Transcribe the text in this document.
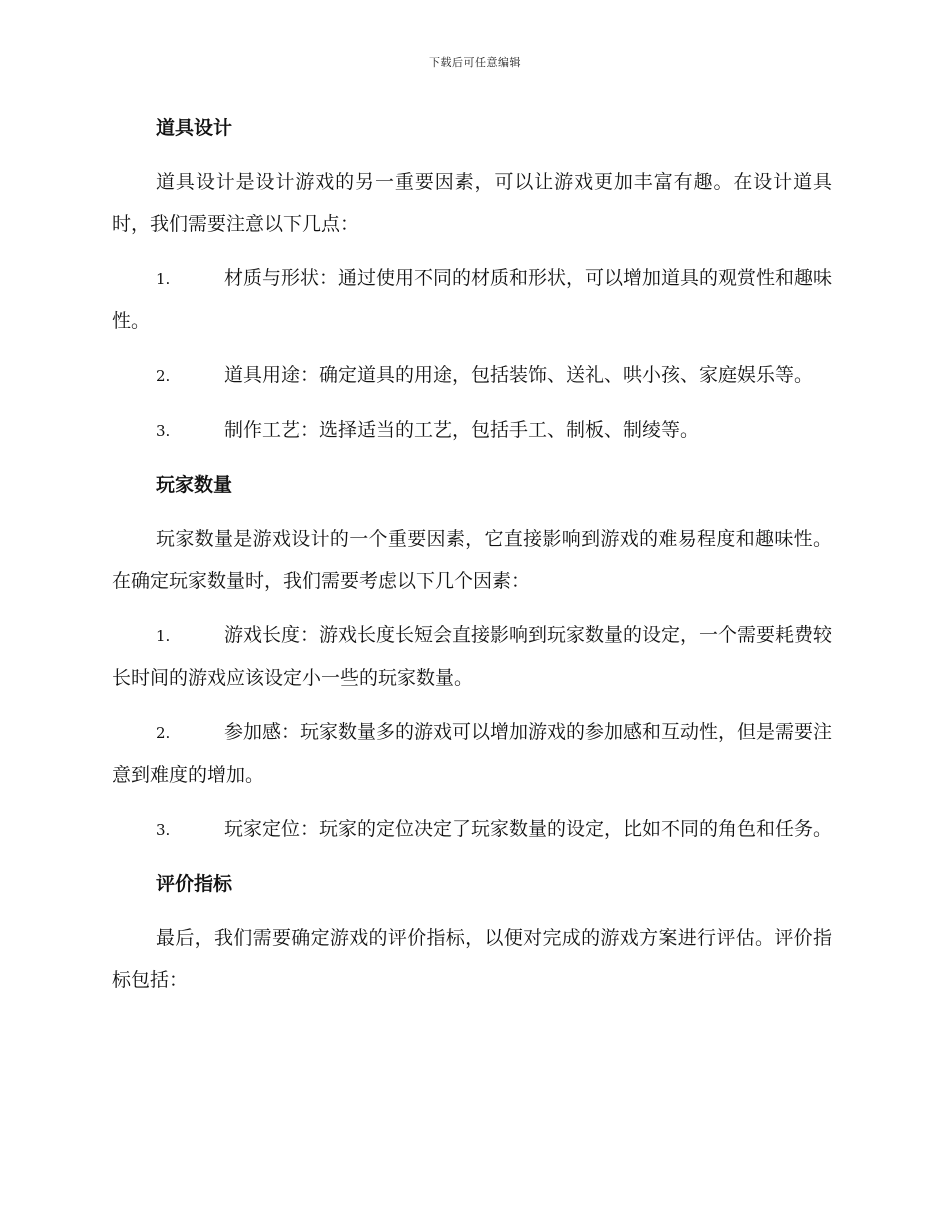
下载后可任意编辑
道具设计

道具设计是设计游戏的另一重要因素，可以让游戏更加丰富有趣。在设计道具时，我们需要注意以下几点：

1.	材质与形状：通过使用不同的材质和形状，可以增加道具的观赏性和趣味性。

2.	道具用途：确定道具的用途，包括装饰、送礼、哄小孩、家庭娱乐等。

3.	制作工艺：选择适当的工艺，包括手工、制板、制绫等。

玩家数量

玩家数量是游戏设计的一个重要因素，它直接影响到游戏的难易程度和趣味性。在确定玩家数量时，我们需要考虑以下几个因素：

1.	游戏长度：游戏长度长短会直接影响到玩家数量的设定，一个需要耗费较长时间的游戏应该设定小一些的玩家数量。

2.	参加感：玩家数量多的游戏可以增加游戏的参加感和互动性，但是需要注意到难度的增加。

3.	玩家定位：玩家的定位决定了玩家数量的设定，比如不同的角色和任务。

评价指标

最后，我们需要确定游戏的评价指标，以便对完成的游戏方案进行评估。评价指标包括：
